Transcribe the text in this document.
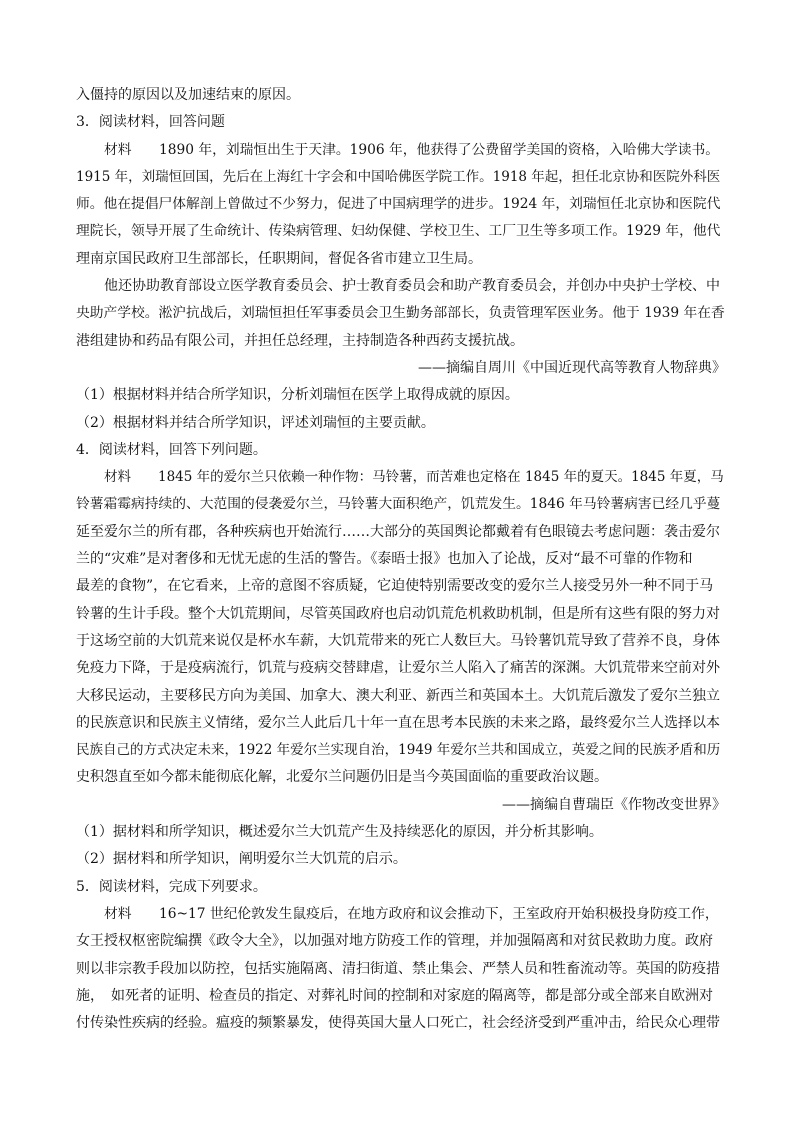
入僵持的原因以及加速结束的原因。

3．阅读材料，回答问题

材料　　1890 年，刘瑞恒出生于天津。1906 年，他获得了公费留学美国的资格，入哈佛大学读书。

1915 年，刘瑞恒回国，先后在上海红十字会和中国哈佛医学院工作。1918 年起，担任北京协和医院外科医

师。他在提倡尸体解剖上曾做过不少努力，促进了中国病理学的进步。1924 年，刘瑞恒任北京协和医院代

理院长，领导开展了生命统计、传染病管理、妇幼保健、学校卫生、工厂卫生等多项工作。1929 年，他代

理南京国民政府卫生部部长，任职期间，督促各省市建立卫生局。

他还协助教育部设立医学教育委员会、护士教育委员会和助产教育委员会，并创办中央护士学校、中

央助产学校。淞沪抗战后，刘瑞恒担任军事委员会卫生勤务部部长，负责管理军医业务。他于 1939 年在香

港组建协和药品有限公司，并担任总经理，主持制造各种西药支援抗战。

——摘编自周川《中国近现代高等教育人物辞典》

（1）根据材料并结合所学知识，分析刘瑞恒在医学上取得成就的原因。

（2）根据材料并结合所学知识，评述刘瑞恒的主要贡献。

4．阅读材料，回答下列问题。

材料　　1845 年的爱尔兰只依赖一种作物：马铃薯，而苦难也定格在 1845 年的夏天。1845 年夏，马

铃薯霜霉病持续的、大范围的侵袭爱尔兰，马铃薯大面积绝产，饥荒发生。1846 年马铃薯病害已经几乎蔓

延至爱尔兰的所有郡，各种疾病也开始流行……大部分的英国舆论都戴着有色眼镜去考虑问题：袭击爱尔

兰的“灾难”是对奢侈和无忧无虑的生活的警告。《泰晤士报》也加入了论战，反对“最不可靠的作物和

最差的食物”，在它看来，上帝的意图不容质疑，它迫使特别需要改变的爱尔兰人接受另外一种不同于马

铃薯的生计手段。整个大饥荒期间，尽管英国政府也启动饥荒危机救助机制，但是所有这些有限的努力对

于这场空前的大饥荒来说仅是杯水车薪，大饥荒带来的死亡人数巨大。马铃薯饥荒导致了营养不良，身体

免疫力下降，于是疫病流行，饥荒与疫病交替肆虐，让爱尔兰人陷入了痛苦的深渊。大饥荒带来空前对外

大移民运动，主要移民方向为美国、加拿大、澳大利亚、新西兰和英国本土。大饥荒后激发了爱尔兰独立

的民族意识和民族主义情绪，爱尔兰人此后几十年一直在思考本民族的未来之路，最终爱尔兰人选择以本

民族自己的方式决定未来，1922 年爱尔兰实现自治，1949 年爱尔兰共和国成立，英爱之间的民族矛盾和历

史积怨直至如今都未能彻底化解，北爱尔兰问题仍旧是当今英国面临的重要政治议题。

——摘编自曹瑞臣《作物改变世界》

（1）据材料和所学知识，概述爱尔兰大饥荒产生及持续恶化的原因，并分析其影响。

（2）据材料和所学知识，阐明爱尔兰大饥荒的启示。

5．阅读材料，完成下列要求。

材料　　16~17 世纪伦敦发生鼠疫后，在地方政府和议会推动下，王室政府开始积极投身防疫工作，

女王授权枢密院编撰《政令大全》，以加强对地方防疫工作的管理，并加强隔离和对贫民救助力度。政府

则以非宗教手段加以防控，包括实施隔离、清扫街道、禁止集会、严禁人员和牲畜流动等。英国的防疫措

施，　如死者的证明、检查员的指定、对葬礼时间的控制和对家庭的隔离等，都是部分或全部来自欧洲对

付传染性疾病的经验。瘟疫的频繁暴发，使得英国大量人口死亡，社会经济受到严重冲击，给民众心理带
